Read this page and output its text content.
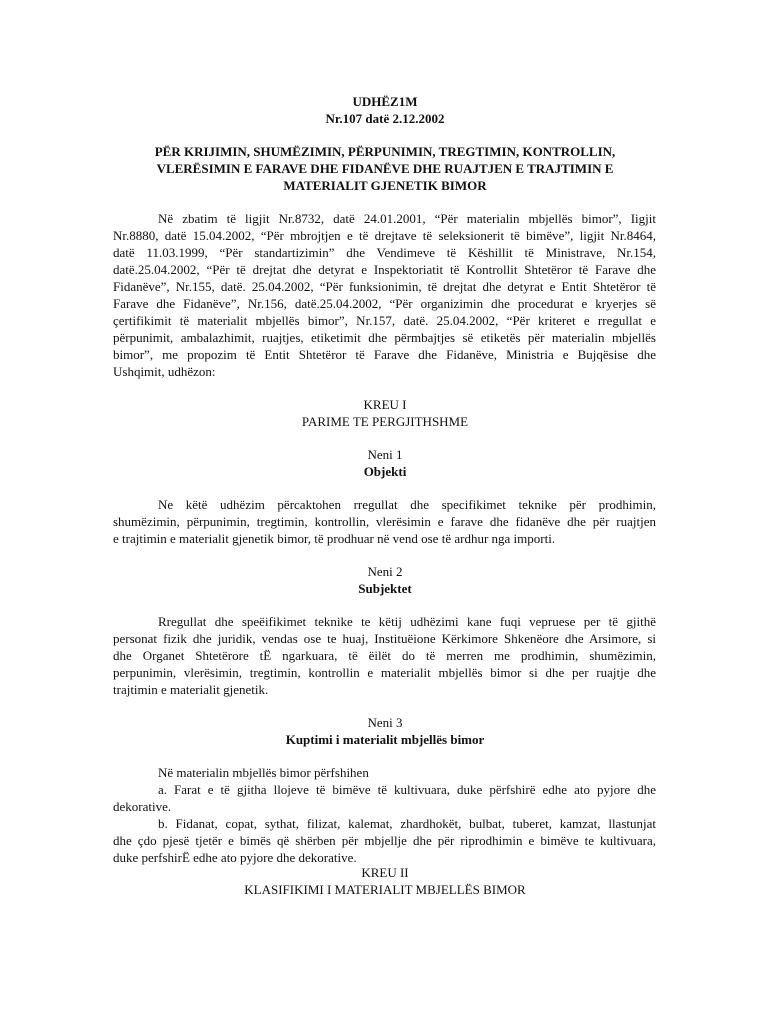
UDHËZ1M
Nr.107 datë 2.12.2002
PËR KRIJIMIN, SHUMËZIMIN, PËRPUNIMIN, TREGTIMIN, KONTROLLIN,
VLERËSIMIN E FARAVE DHE FIDANËVE DHE RUAJTJEN E TRAJTIMIN E
MATERIALIT GJENETIK BIMOR
Në zbatim të ligjit Nr.8732, datë 24.01.2001, “Për materialin mbjellës bimor”, Iigjit
Nr.8880, datë 15.04.2002, “Për mbrojtjen e të drejtave të seleksionerit të bimëve”, ligjit Nr.8464,
datë 11.03.1999, “Për standartizimin” dhe Vendimeve të Këshillit të Ministrave, Nr.154,
datë.25.04.2002, “Për të drejtat dhe detyrat e Inspektoriatit të Kontrollit Shtetëror të Farave dhe
Fidanëve”, Nr.155, datë. 25.04.2002, “Për funksionimin, të drejtat dhe detyrat e Entit Shtetëror të
Farave dhe Fidanëve”, Nr.156, datë.25.04.2002, “Për organizimin dhe procedurat e kryerjes së
çertifikimit të materialit mbjellës bimor”, Nr.157, datë. 25.04.2002, “Për kriteret e rregullat e
përpunimit, ambalazhimit, ruajtjes, etiketimit dhe përmbajtjes së etiketës për materialin mbjellës
bimor”, me propozim të Entit Shtetëror të Farave dhe Fidanëve, Ministria e Bujqësise dhe
Ushqimit, udhëzon:
KREU I
PARIME TE PERGJITHSHME
Neni 1
Objekti
Ne këtë udhëzim përcaktohen rregullat dhe specifikimet teknike për prodhimin,
shumëzimin, përpunimin, tregtimin, kontrollin, vlerësimin e farave dhe fidanëve dhe për ruajtjen
e trajtimin e materialit gjenetik bimor, të prodhuar në vend ose të ardhur nga importi.
Neni 2
Subjektet
Rregullat dhe speëifikimet teknike te këtij udhëzimi kane fuqi vepruese per të gjithë
personat fizik dhe juridik, vendas ose te huaj, Instituëione Kërkimore Shkenëore dhe Arsimore, si
dhe Organet Shtetërore tË ngarkuara, të ëilët do të merren me prodhimin, shumëzimin,
perpunimin, vlerësimin, tregtimin, kontrollin e materialit mbjellës bimor si dhe per ruajtje dhe
trajtimin e materialit gjenetik.
Neni 3
Kuptimi i materialit mbjellës bimor
Në materialin mbjellës bimor përfshihen
a. Farat e të gjitha llojeve të bimëve të kultivuara, duke përfshirë edhe ato pyjore dhe
dekorative.
b. Fidanat, copat, sythat, filizat, kalemat, zhardhokët, bulbat, tuberet, kamzat, llastunjat
dhe çdo pjesë tjetër e bimës që shërben për mbjellje dhe për riprodhimin e bimëve te kultivuara,
duke perfshirË edhe ato pyjore dhe dekorative.
KREU II
KLASIFIKIMI I MATERIALIT MBJELLËS BIMOR
